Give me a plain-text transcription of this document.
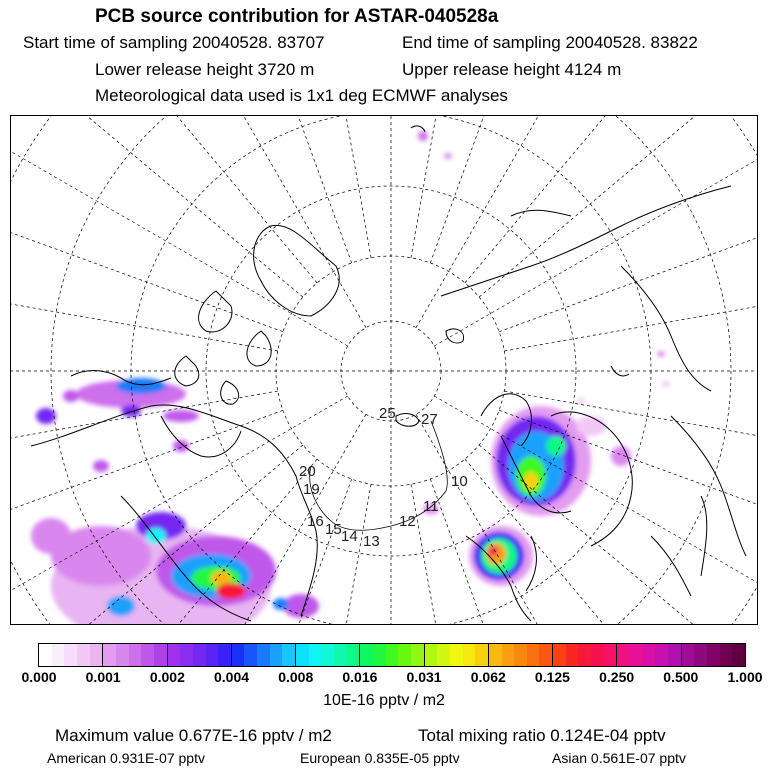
PCB source contribution for ASTAR-040528a
Start time of sampling 20040528. 83707	End time of sampling 20040528. 83822
Lower release height 3720 m	Upper release height 4124 m
Meteorological data used is 1x1 deg ECMWF analyses
25 27
10
11
12
13
14
15
16
20
19
0.000 0.001 0.002 0.004 0.008 0.016 0.031 0.062 0.125 0.250 0.500 1.000
10E-16 pptv / m2
Maximum value 0.677E-16 pptv / m2	Total mixing ratio 0.124E-04 pptv
American 0.931E-07 pptv	European 0.835E-05 pptv	Asian 0.561E-07 pptv
